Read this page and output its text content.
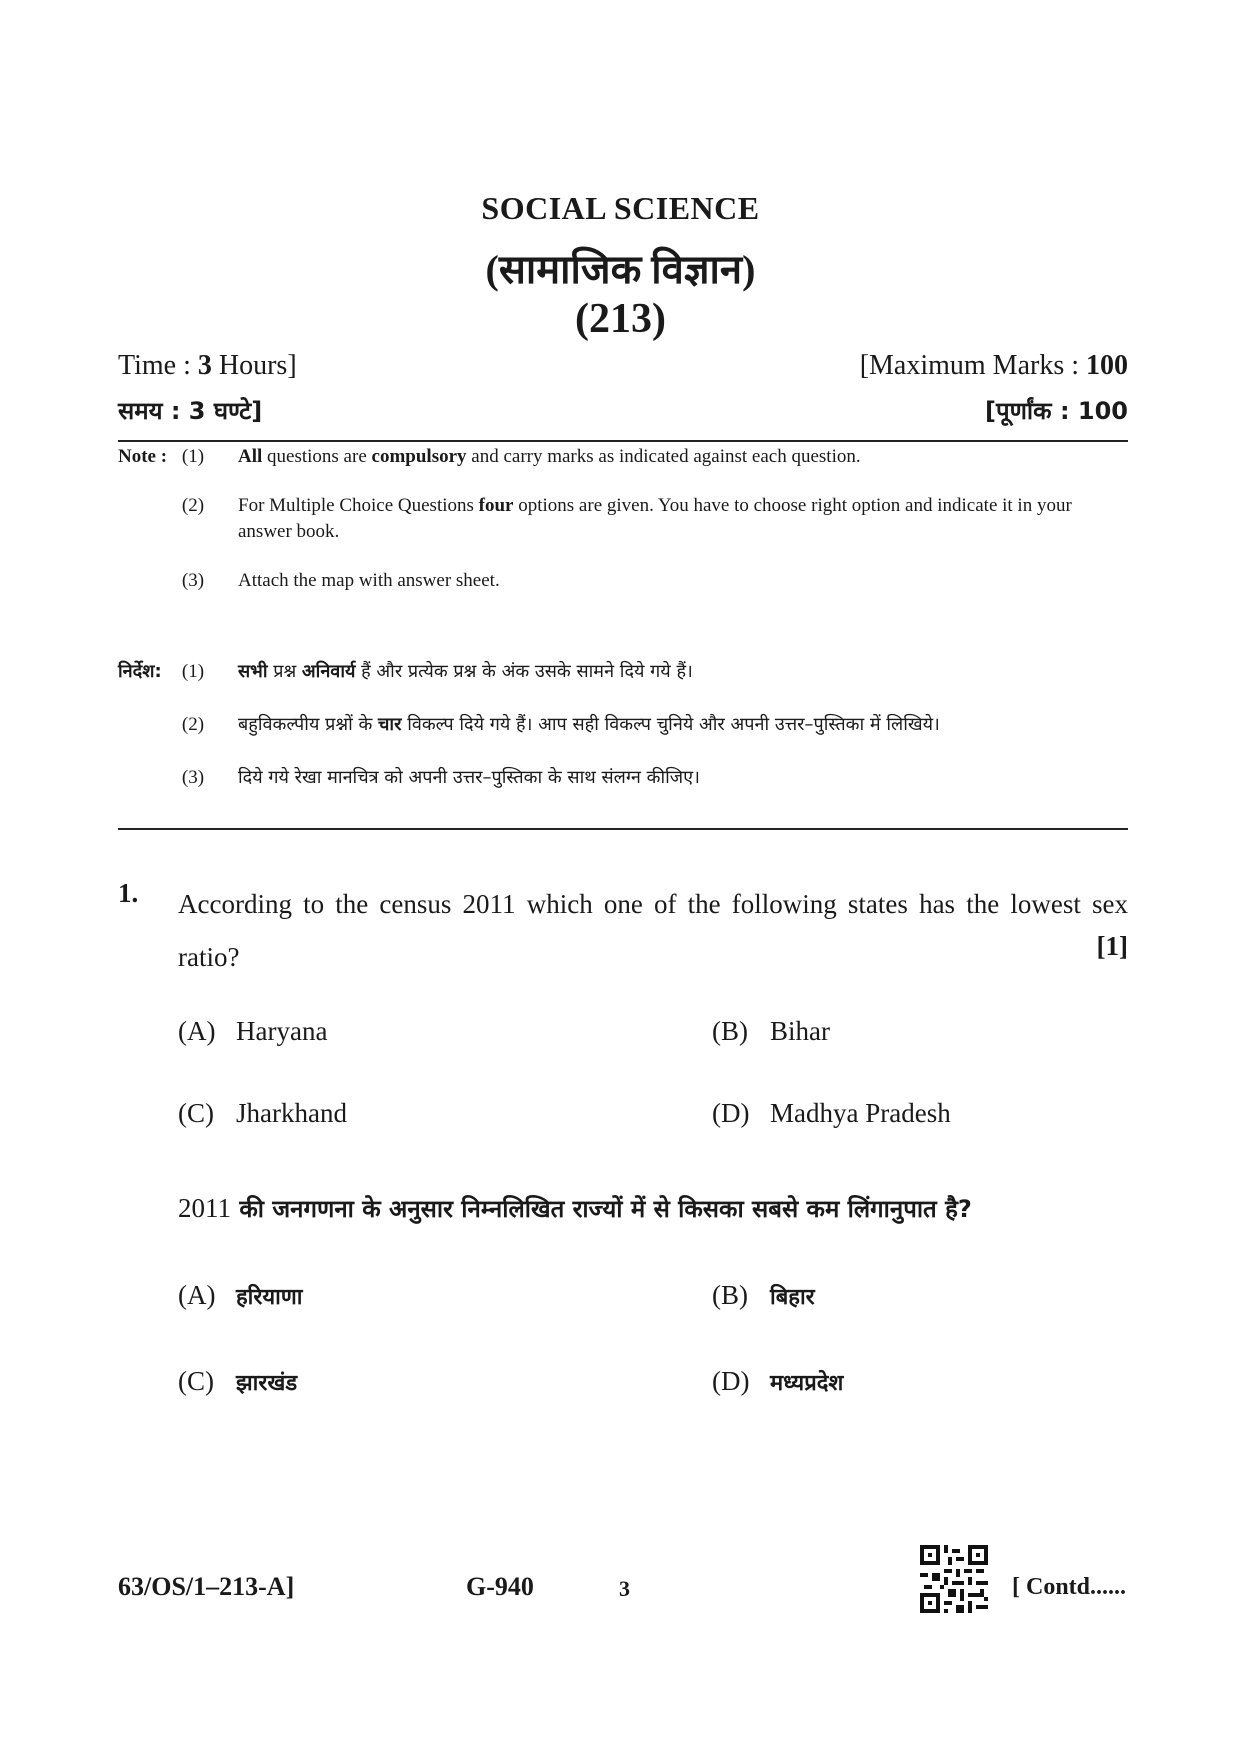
SOCIAL SCIENCE
(सामाजिक विज्ञान)
(213)
Time : 3 Hours]	[Maximum Marks : 100
समय : 3 घण्टे]	[पूर्णांक : 100
Note : (1) All questions are compulsory and carry marks as indicated against each question.
(2) For Multiple Choice Questions four options are given. You have to choose right option and indicate it in your answer book.
(3) Attach the map with answer sheet.
निर्देश: (1) सभी प्रश्न अनिवार्य हैं और प्रत्येक प्रश्न के अंक उसके सामने दिये गये हैं।
(2) बहुविकल्पीय प्रश्नों के चार विकल्प दिये गये हैं। आप सही विकल्प चुनिये और अपनी उत्तर–पुस्तिका में लिखिये।
(3) दिये गये रेखा मानचित्र को अपनी उत्तर–पुस्तिका के साथ संलग्न कीजिए।
1. According to the census 2011 which one of the following states has the lowest sex ratio?	[1]
(A) Haryana	(B) Bihar
(C) Jharkhand	(D) Madhya Pradesh
2011 की जनगणना के अनुसार निम्नलिखित राज्यों में से किसका सबसे कम लिंगानुपात है?
(A) हरियाणा	(B) बिहार
(C) झारखंड	(D) मध्यप्रदेश
63/OS/1–213-A]	G-940	3	[ Contd......
